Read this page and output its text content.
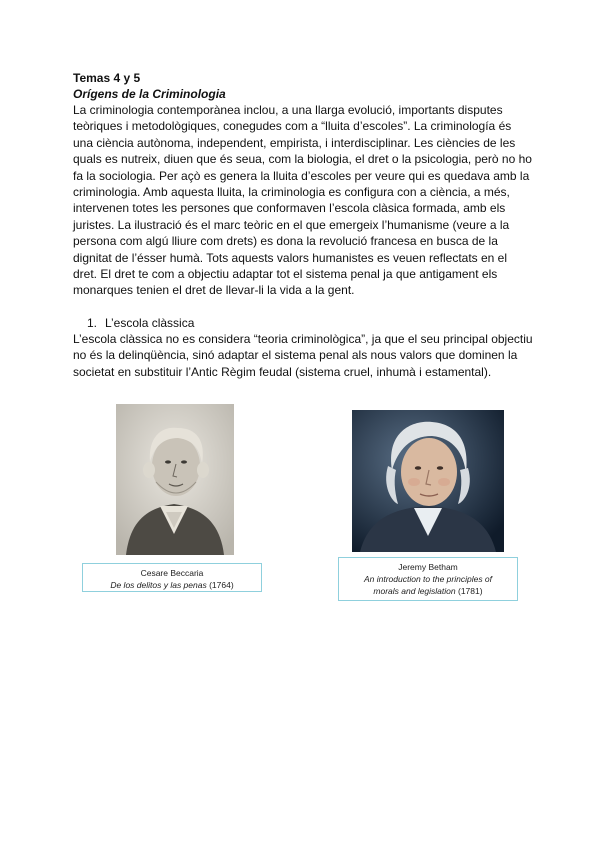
Temas 4 y 5

Orígens de la Criminologia

La criminologia contemporànea inclou, a una llarga evolució, importants disputes teòriques i metodològiques, conegudes com a “lluita d’escoles”. La criminología és una ciència autònoma, independent, empirista, i interdisciplinar. Les ciències de les quals es nutreix, diuen que és seua, com la biologia, el dret o la psicologia, però no ho fa la sociologia. Per açò es genera la lluita d’escoles per veure qui es quedava amb la criminologia. Amb aquesta lluita, la criminologia es configura con a ciència, a més, intervenen totes les persones que conformaven l’escola clàsica formada, amb els juristes. La ilustració és el marc teòric en el que emergeix l’humanisme (veure a la persona com algú lliure com drets) es dona la revolució francesa en busca de la dignitat de l’ésser humà. Tots aquests valors humanistes es veuen reflectats en el dret. El dret te com a objectiu adaptar tot el sistema penal ja que antigament els monarques tenien el dret de llevar-li la vida a la gent.

1. L’escola clàssica

L’escola clàssica no es considera “teoria criminològica”, ja que el seu principal objectiu no és la delinqüència, sinó adaptar el sistema penal als nous valors que dominen la societat en substituir l’Antic Règim feudal (sistema cruel, inhumà i estamental).

Cesare Beccaria
De los delitos y las penas (1764)
Jeremy Betham
An introduction to the principles of
morals and legislation (1781)
